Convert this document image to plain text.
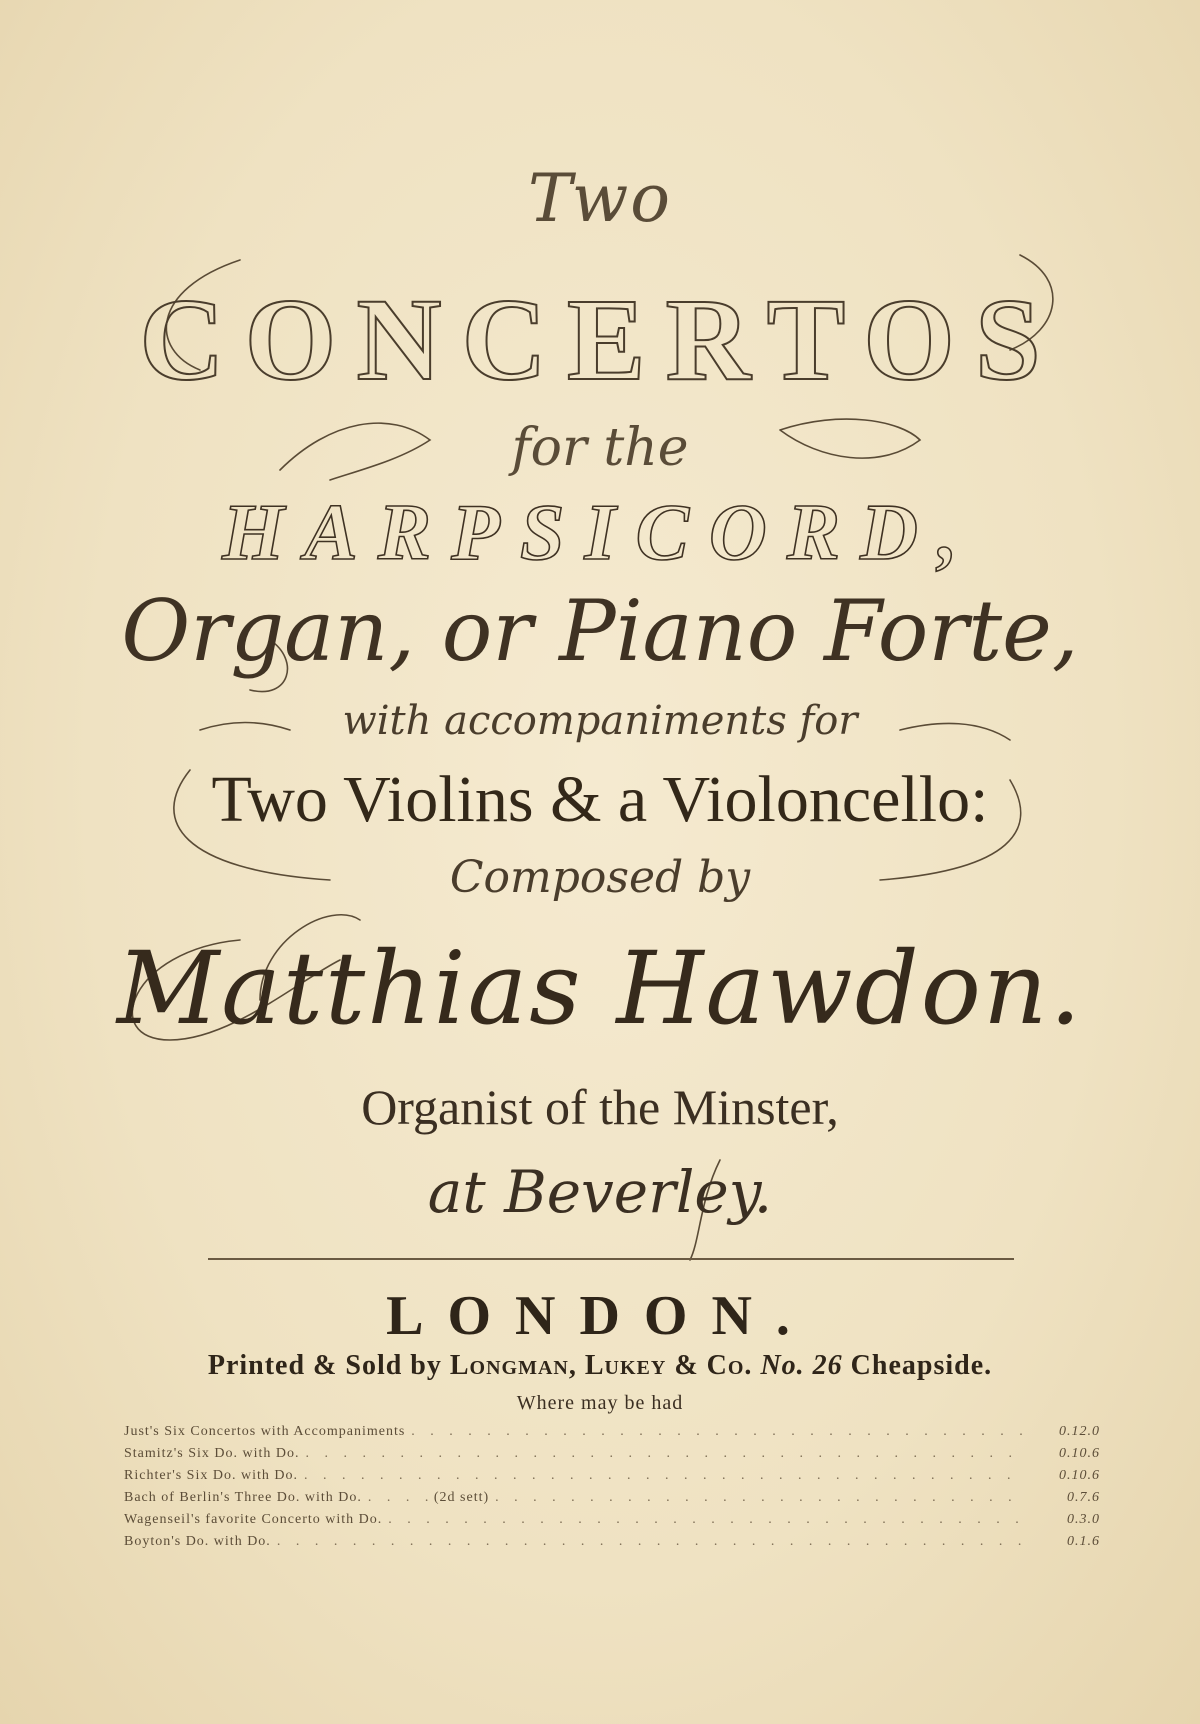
Two
CONCERTOS
for the
HARPSICORD,
Organ, or Piano Forte,
with accompaniments for
Two Violins & a Violoncello:
Composed by
Matthias Hawdon.
Organist of the Minster,
at Beverley.
LONDON.
Printed & Sold by Longman, Lukey & Co. No. 26 Cheapside.
Where may be had
Just's Six Concertos with Accompaniments . . .	0.12.0
Stamitz's Six Do. with Do. . . .	0.10.6
Richter's Six Do. with Do. . . .	0.10.6
Bach of Berlin's Three Do. with Do. . . .	(2d sett) . . .	0.7.6
Wagenseil's favorite Concerto with Do. . . .	0.3.0
Boyton's Do. with Do. . . .	0.1.6
